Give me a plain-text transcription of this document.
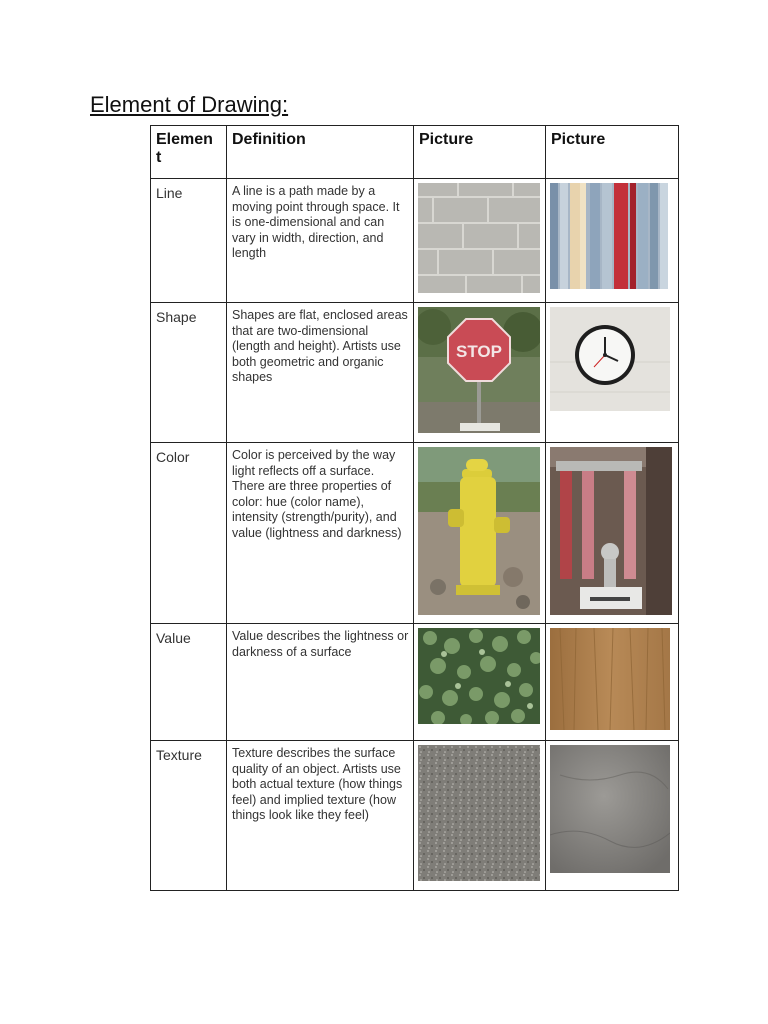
Element of Drawing:
Elemen t	Definition	Picture	Picture
Line	A line is a path made by a moving point through space. It is one-dimensional and can vary in width, direction, and length	

Shape	Shapes are flat, enclosed areas that are two-dimensional (length and height). Artists use both geometric and organic shapes	STOP

Color	Color is perceived by the way light reflects off a surface. There are three properties of color: hue (color name), intensity (strength/purity), and value (lightness and darkness)	

Value	Value describes the lightness or darkness of a surface	

Texture	Texture describes the surface quality of an object. Artists use both actual texture (how things feel) and implied texture (how things look like they feel)	
